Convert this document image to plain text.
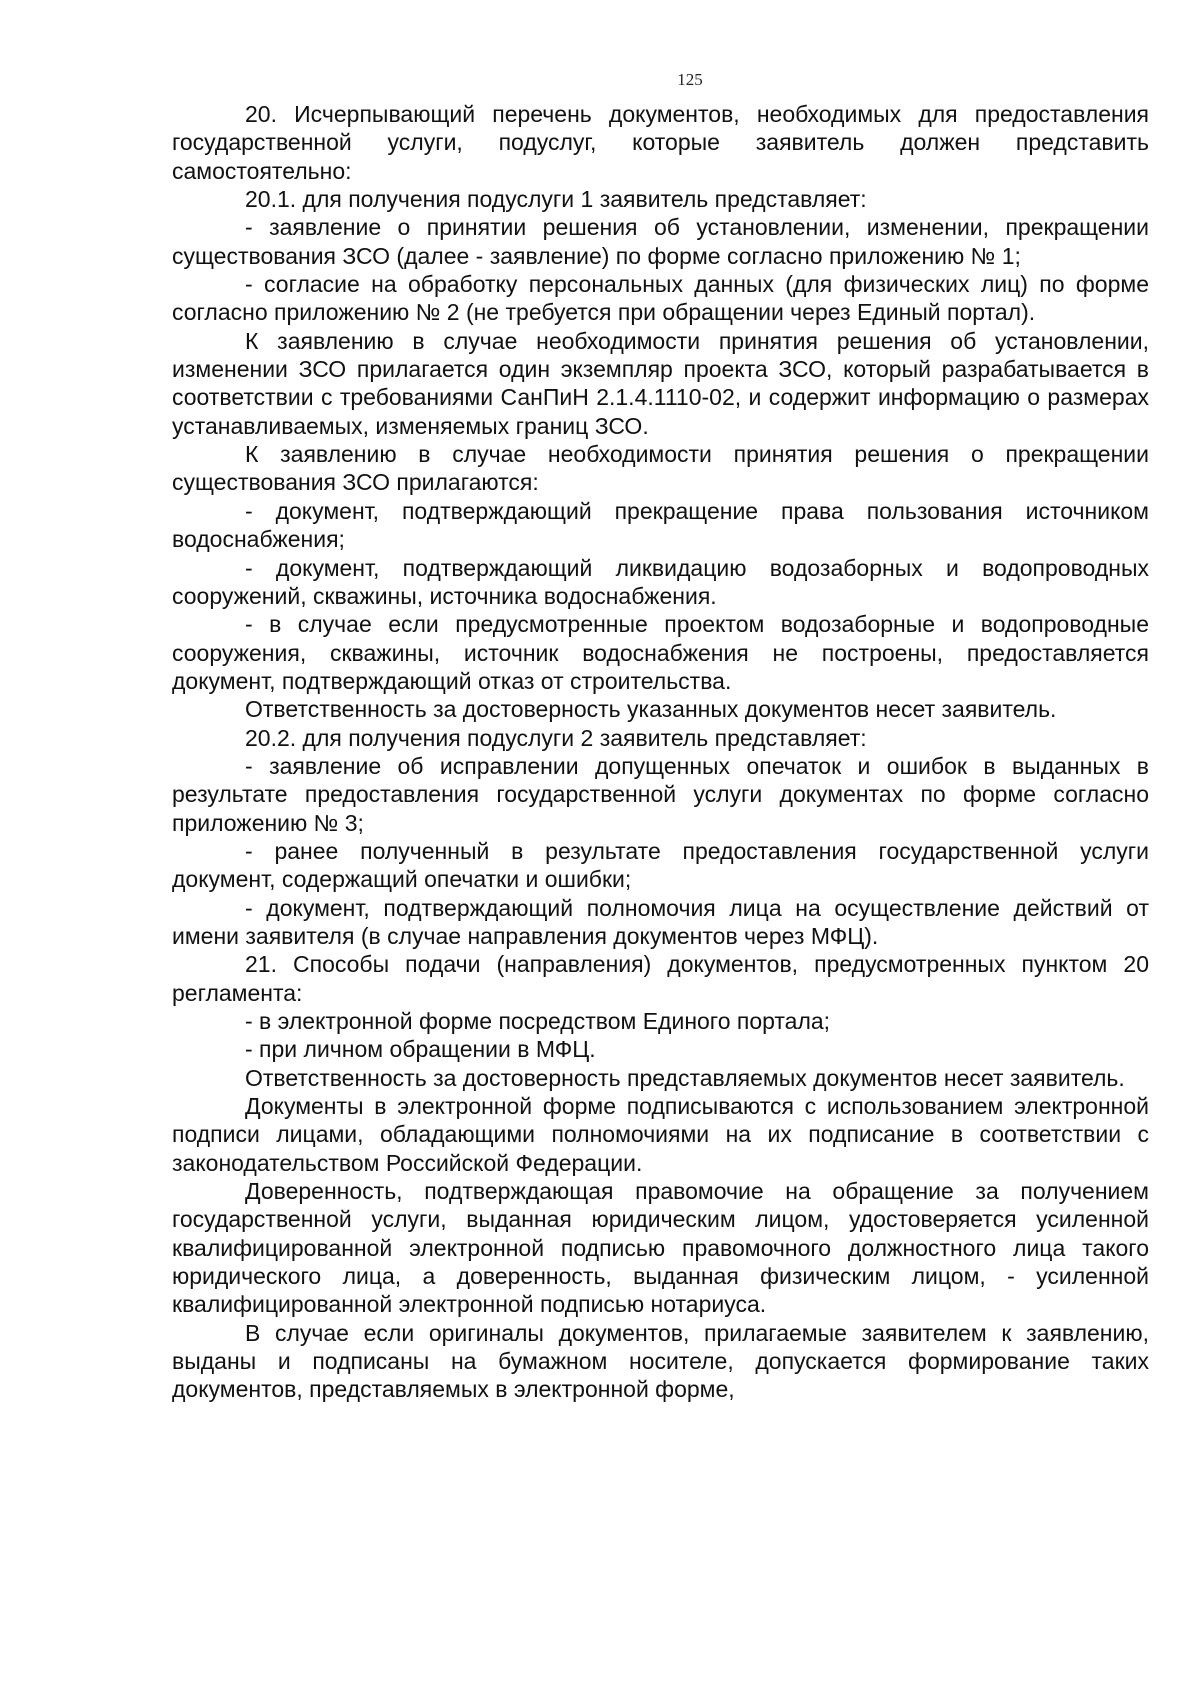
125

20. Исчерпывающий перечень документов, необходимых для предоставления государственной услуги, подуслуг, которые заявитель должен представить самостоятельно:

20.1. для получения подуслуги 1 заявитель представляет:

- заявление о принятии решения об установлении, изменении, прекращении существования ЗСО (далее - заявление) по форме согласно приложению № 1;

- согласие на обработку персональных данных (для физических лиц) по форме согласно приложению № 2 (не требуется при обращении через Единый портал).

К заявлению в случае необходимости принятия решения об установлении, изменении ЗСО прилагается один экземпляр проекта ЗСО, который разрабатывается в соответствии с требованиями СанПиН 2.1.4.1110-02, и содержит информацию о размерах устанавливаемых, изменяемых границ ЗСО.

К заявлению в случае необходимости принятия решения о прекращении существования ЗСО прилагаются:

- документ, подтверждающий прекращение права пользования источником водоснабжения;

- документ, подтверждающий ликвидацию водозаборных и водопроводных сооружений, скважины, источника водоснабжения.

- в случае если предусмотренные проектом водозаборные и водопроводные сооружения, скважины, источник водоснабжения не построены, предоставляется документ, подтверждающий отказ от строительства.

Ответственность за достоверность указанных документов несет заявитель.

20.2. для получения подуслуги 2 заявитель представляет:

- заявление об исправлении допущенных опечаток и ошибок в выданных в результате предоставления государственной услуги документах по форме согласно приложению № 3;

- ранее полученный в результате предоставления государственной услуги документ, содержащий опечатки и ошибки;

- документ, подтверждающий полномочия лица на осуществление действий от имени заявителя (в случае направления документов через МФЦ).

21. Способы подачи (направления) документов, предусмотренных пунктом 20 регламента:

- в электронной форме посредством Единого портала;

- при личном обращении в МФЦ.

Ответственность за достоверность представляемых документов несет заявитель.

Документы в электронной форме подписываются с использованием электронной подписи лицами, обладающими полномочиями на их подписание в соответствии с законодательством Российской Федерации.

Доверенность, подтверждающая правомочие на обращение за получением государственной услуги, выданная юридическим лицом, удостоверяется усиленной квалифицированной электронной подписью правомочного должностного лица такого юридического лица, а доверенность, выданная физическим лицом, - усиленной квалифицированной электронной подписью нотариуса.

В случае если оригиналы документов, прилагаемые заявителем к заявлению, выданы и подписаны на бумажном носителе, допускается формирование таких документов, представляемых в электронной форме,
